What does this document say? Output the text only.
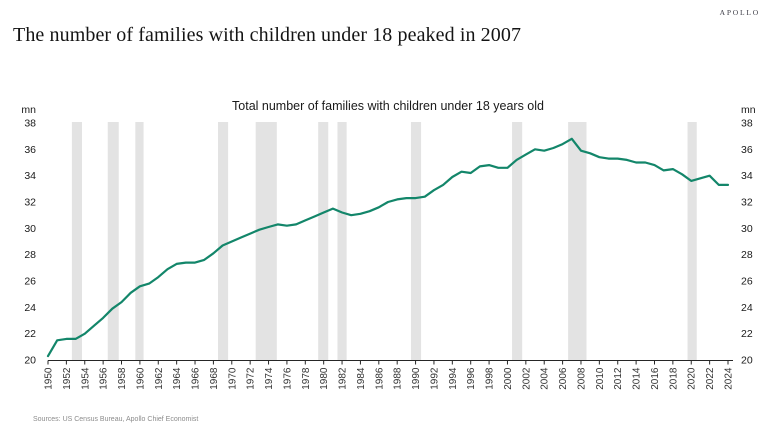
APOLLO
The number of families with children under 18 peaked in 2007
Total number of families with children under 18 years old
1950 1952 1954 1956 1958 1960 1962 1964 1966 1968 1970 1972 1974 1976 1978 1980 1982 1984 1986 1988 1990 1992 1994 1996 1998 2000 2002 2004 2006 2008 2010 2012 2014 2016 2018 2020 2022 2024
20	20
22	22
24	24
26	26
28	28
30	30
32	32
34	34
36	36
38	38
mn	mn
Sources: US Census Bureau, Apollo Chief Economist
